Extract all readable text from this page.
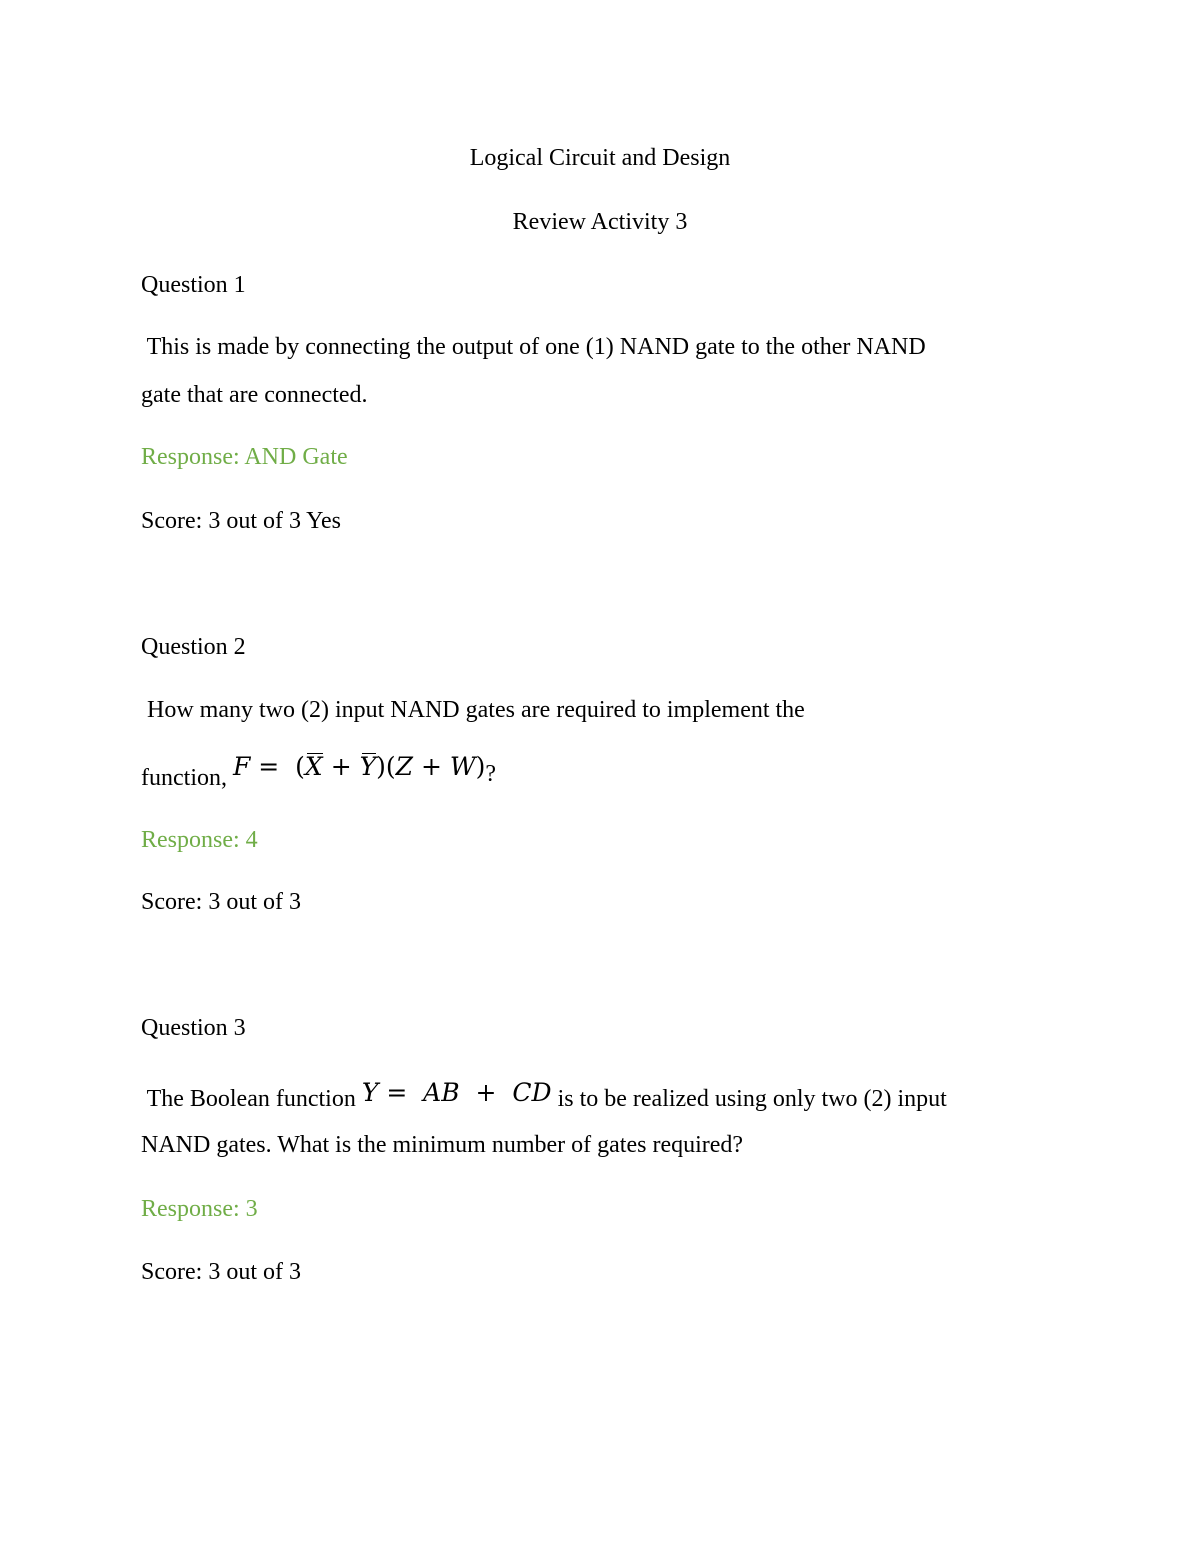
Logical Circuit and Design
Review Activity 3
Question 1
This is made by connecting the output of one (1) NAND gate to the other NAND
gate that are connected.
Response: AND Gate
Score: 3 out of 3 Yes
Question 2
How many two (2) input NAND gates are required to implement the
function, F = (X + Y)(Z + W)?
Response: 4
Score: 3 out of 3
Question 3
The Boolean function Y = AB + CD is to be realized using only two (2) input
NAND gates. What is the minimum number of gates required?
Response: 3
Score: 3 out of 3
